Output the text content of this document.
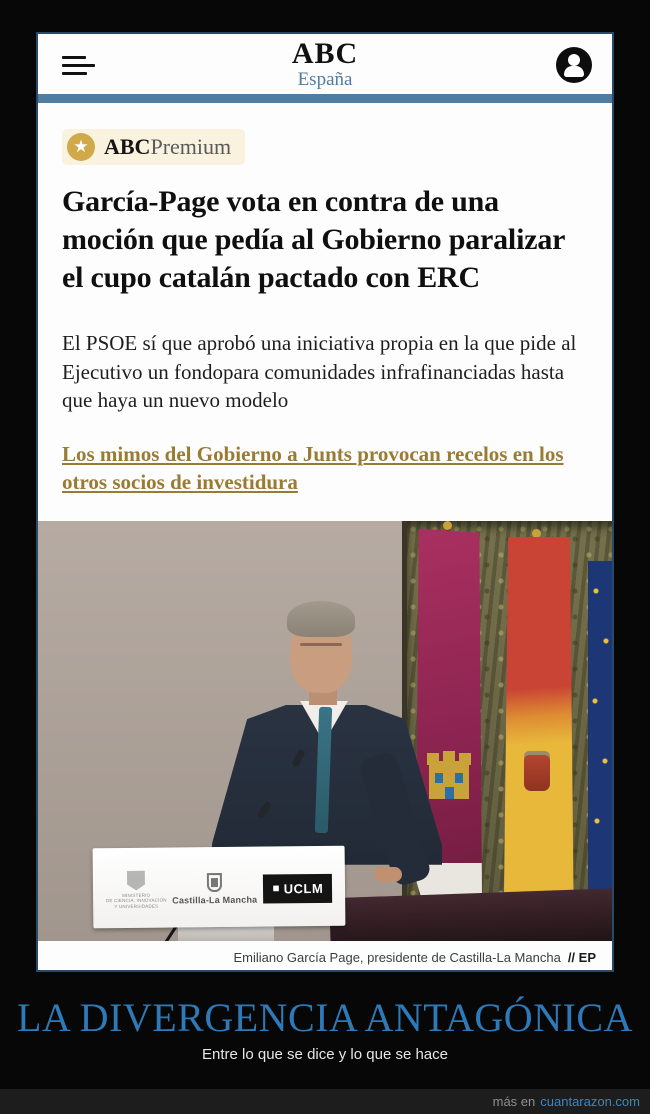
ABC
España
★
ABCPremium
García-Page vota en contra de una moción que pedía al Gobierno paralizar el cupo catalán pactado con ERC

El PSOE sí que aprobó una iniciativa propia en la que pide al Ejecutivo un fondopara comunidades infrafinanciadas hasta que haya un nuevo modelo

Los mimos del Gobierno a Junts provocan recelos en los otros socios de investidura
MINISTERIO
DE CIENCIA, INNOVACIÓN
Y UNIVERSIDADES
Castilla-La Mancha
UCLM
Emiliano García Page, presidente de Castilla-La Mancha // EP
LA DIVERGENCIA ANTAGÓNICA
Entre lo que se dice y lo que se hace
más en cuantarazon.com
